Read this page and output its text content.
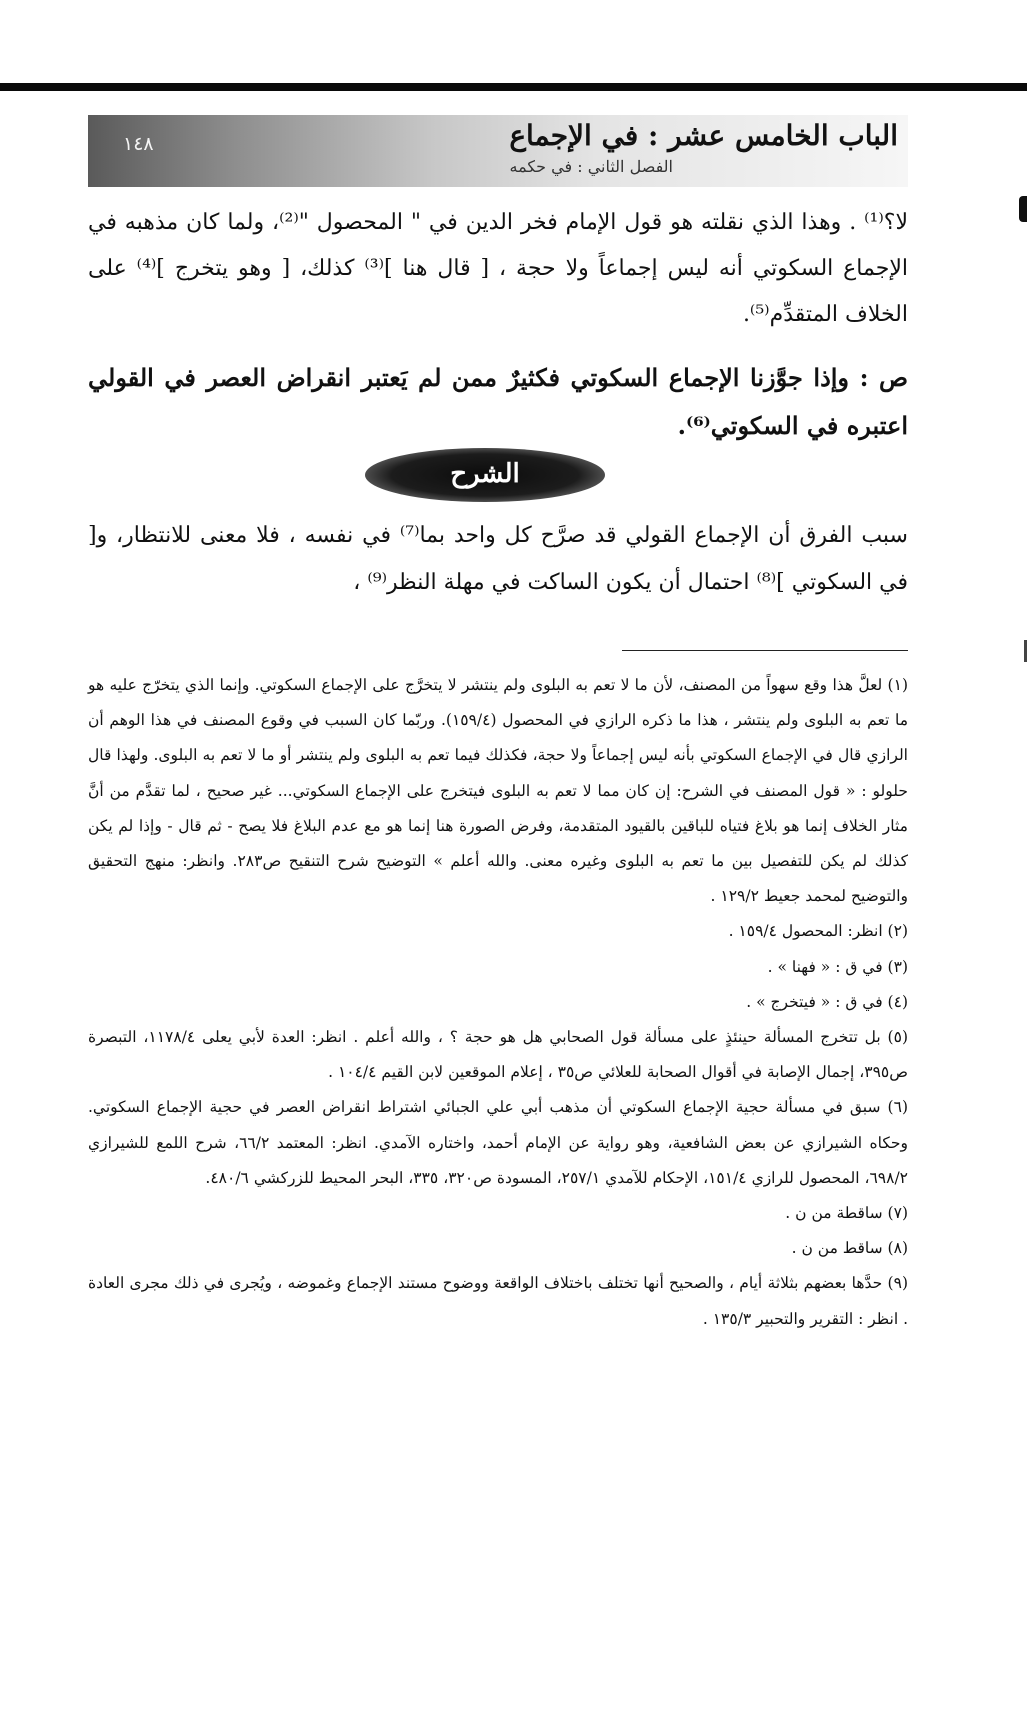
١٤٨	الباب الخامس عشر : في الإجماع
الفصل الثاني : في حكمه

لا؟⁽¹⁾ . وهذا الذي نقلته هو قول الإمام فخر الدين في " المحصول "⁽²⁾، ولما كان مذهبه في الإجماع السكوتي أنه ليس إجماعاً ولا حجة ، [ قال هنا ]⁽³⁾ كذلك، [ وهو يتخرج ]⁽⁴⁾ على الخلاف المتقدِّم⁽⁵⁾.

ص : وإذا جوَّزنا الإجماع السكوتي فكثيرٌ ممن لم يَعتبر انقراض العصر في القولي اعتبره في السكوتي⁽⁶⁾.

الشرح

سبب الفرق أن الإجماع القولي قد صرَّح كل واحد بما⁽⁷⁾ في نفسه ، فلا معنى للانتظار، و[ في السكوتي ]⁽⁸⁾ احتمال أن يكون الساكت في مهلة النظر⁽⁹⁾ ،

(١) لعلَّ هذا وقع سهواً من المصنف، لأن ما لا تعم به البلوى ولم ينتشر لا يتخرَّج على الإجماع السكوتي. وإنما الذي يتخرّج عليه هو ما تعم به البلوى ولم ينتشر ، هذا ما ذكره الرازي في المحصول (١٥٩/٤). وربّما كان السبب في وقوع المصنف في هذا الوهم أن الرازي قال في الإجماع السكوتي بأنه ليس إجماعاً ولا حجة، فكذلك فيما تعم به البلوى ولم ينتشر أو ما لا تعم به البلوى. ولهذا قال حلولو : « قول المصنف في الشرح: إن كان مما لا تعم به البلوى فيتخرج على الإجماع السكوتي... غير صحيح ، لما تقدَّم من أنَّ مثار الخلاف إنما هو بلاغ فتياه للباقين بالقيود المتقدمة، وفرض الصورة هنا إنما هو مع عدم البلاغ فلا يصح - ثم قال - وإذا لم يكن كذلك لم يكن للتفصيل بين ما تعم به البلوى وغيره معنى. والله أعلم » التوضيح شرح التنقيح ص٢٨٣. وانظر: منهج التحقيق والتوضيح لمحمد جعيط ١٢٩/٢ .

(٢) انظر: المحصول ١٥٩/٤ .

(٣) في ق : « فهنا » .

(٤) في ق : « فيتخرج » .

(٥) بل تتخرج المسألة حينئذٍ على مسألة قول الصحابي هل هو حجة ؟ ، والله أعلم . انظر: العدة لأبي يعلى ١١٧٨/٤، التبصرة ص٣٩٥، إجمال الإصابة في أقوال الصحابة للعلائي ص٣٥ ، إعلام الموقعين لابن القيم ١٠٤/٤ .

(٦) سبق في مسألة حجية الإجماع السكوتي أن مذهب أبي علي الجبائي اشتراط انقراض العصر في حجية الإجماع السكوتي. وحكاه الشيرازي عن بعض الشافعية، وهو رواية عن الإمام أحمد، واختاره الآمدي. انظر: المعتمد ٦٦/٢، شرح اللمع للشيرازي ٦٩٨/٢، المحصول للرازي ١٥١/٤، الإحكام للآمدي ٢٥٧/١، المسودة ص٣٢٠، ٣٣٥، البحر المحيط للزركشي ٤٨٠/٦.

(٧) ساقطة من ن .

(٨) ساقط من ن .

(٩) حدَّها بعضهم بثلاثة أيام ، والصحيح أنها تختلف باختلاف الواقعة ووضوح مستند الإجماع وغموضه ، ويُجرى في ذلك مجرى العادة . انظر : التقرير والتحبير ١٣٥/٣ .
